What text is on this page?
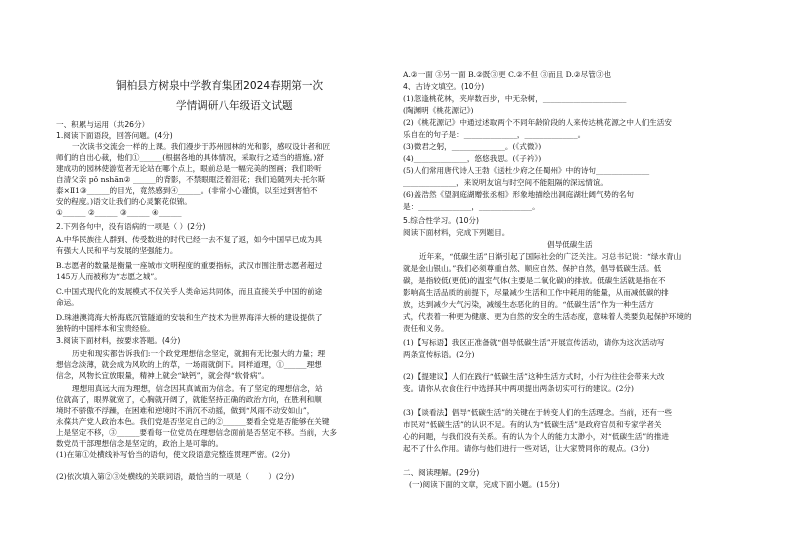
铜柏县方树泉中学教育集团2024春期第一次
学情调研八年级语文试题
一、积累与运用（共26分）
1.阅读下面语段，回答问题。(4分)
一次读书交流会一样的上课。我们漫步于苏州园林的光和影，感叹设计者和匠
师们的自出心裁，他们①______(根据各地的具体情况，采取行之适当的措施。)舒
建成功的园林使游览者无论站在哪个点上，眼前总是一幅完美的图画；我们聆听
自清父亲 pǒ nshān② ______的背影，不禁眼眶泛着泪花；我们追随列夫·托尔斯
泰×Ⅱ1③______的目光，竟然感到④______。(非常小心谨慎，以至过到害怕不
安的程度。)语文让我们的心灵繁花似锦。
①______ ②______ ③______ ④______
2.下列各句中，没有语病的一项是（ ）(2分)
A.中华民族往人群到、传受数进的时代已经一去不复了返，如今中国早已成为具
有强大人民和平与发展的坚强能力。
B.志愿者的数量是衡量一座城市文明程度的重要指标，武汉市围注册志愿者超过
145万人而被称为“志愿之城”。
C.中国式现代化的发展模式不仅关乎人类命运共同体，而且直接关乎中国的前途
命运。
D.珠港澳湾海大桥海底沉管隧道的安装和生产技术为世界海洋大桥的建设提供了
独特的中国样本和宝贵经验。
3.阅读下面材料，按要求答题。(4分)
历史和现实都告诉我们:一个政党理想信念坚定，就拥有无比强大的力量；理
想信念淡薄，就会成为风吹的上的草，一场雨就倒下。同样道理，①______理想
信念，风物长宜放眼量，精神上就会“缺钙”，就会得“软骨病”。
理想用真远大而为理想，信念因其真诚而为信念。有了坚定的理想信念，站
位就高了，眼界就宽了，心胸就开阔了，就能坚持正确的政治方向，在胜利和顺
境时不骄傲不浮躁，在困难和逆境时不消沉不动摇，做到“风雨不动安如山”，
永葆共产党人政治本色。我们党是否坚定自己的②______要看全党是否能够在关键
上是坚定不移，③______要看每一位党员在理想信念面前是否坚定不移。当前，大多
数党员干部理想信念是坚定的，政治上是可靠的。
(1)在第①处横线补写恰当的语句，使文段语意完整连贯理严密。(2分)
(2)依次填入第②③处横线的关联词语，最恰当的一项是（        ）(2分)
A.②一面 ③另一面 B.②既③更 C.②不但 ③而且 D.②尽管③也
4、古诗文填空。(10分)
(1)忽逢桃花林，夹岸数百步，中无杂树，______________________
(陶渊明《桃花源记》)
(2)《桃花源记》中通过述取两个不同年龄阶段的人来传达桃花源之中人们生活安
乐自在的句子是：______________，______________。
(3)微君之躬，______________。(《式微》)
(4)______________，悠悠我思。(《子衿》)
(5)人们常用唐代诗人王勃《送杜少府之任蜀州》中的诗句______________
______________，来说明友谊与时空间不能阻隔的深远情谊。
(6)盖浩然《望洞庭湖赠张丞相》形象地描绘出洞庭湖壮阔气势的名句
是：______________，______________。
5.综合性学习。(10分)
阅读下面材料，完成下列题目。
倡导低碳生活
近年来，“低碳生活”日渐引起了国际社会的广泛关注。习总书记说：“绿水青山
就是金山银山。”我们必须尊重自然、顺应自然、保护自然，倡导低碳生活。低
碳，是指较低(更低)的温室气体(主要是二氧化碳)的排放。低碳生活就是指在不
影响高生活品质的前提下，尽量减少生活和工作中耗用的能量，从而减低碳的排
放，达到减少大气污染，减缓生态恶化的目的。“低碳生活”作为一种生活方
式，代表着一种更为健康、更为自然的安全的生活态度，意味着人类要负起保护环境的
责任和义务。
(1)【写标语】我区正准备就“倡导低碳生活”开展宣传活动，请你为这次活动写
两条宣传标语。(2分)
(2)【提建议】人们在践行“低碳生活”这种生活方式时，小行为往往会带来大改
变。请你从衣食住行中选择其中两项提出两条切实可行的建议。(2分)
(3)【谈看法】倡导“低碳生活”的关键在于转变人们的生活理念。当前，还有一些
市民对“低碳生活”的认识不足。有的认为“低碳生活”是政府官员和专家学者关
心的问题，与我们没有关系。有的认为个人的能力太渺小，对“低碳生活”的推进
起不了什么作用。请你与他们进行一些对话，让大家赞同你的观点。(3分)
二、阅读理解。(29分)
(一)阅读下面的文章，完成下面小题。(15分)
